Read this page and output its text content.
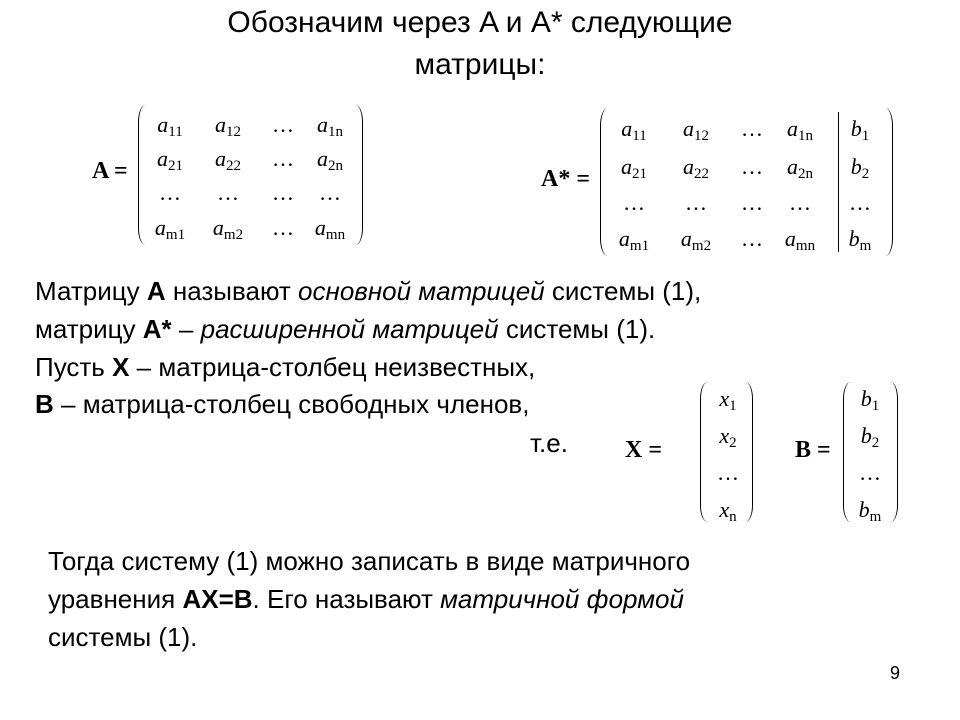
Обозначим через A и A* следующие
матрицы:
A =
$a_{11}$ $a_{12}$ … $a_{1n}$
$a_{21}$ $a_{22}$ … $a_{2n}$
… … … …
$a_{m1}$ $a_{m2}$ … $a_{mn}$
A* =
$a_{11}$ $a_{12}$ … $a_{1n}$ $b_1$
$a_{21}$ $a_{22}$ … $a_{2n}$ $b_2$
… … … … …
$a_{m1}$ $a_{m2}$ … $a_{mn}$ $b_m$
Матрицу A называют основной матрицей системы (1),
матрицу A* – расширенной матрицей системы (1).
Пусть X – матрица-столбец неизвестных,
B – матрица-столбец свободных членов,
т.е. X =
$x_1$
$x_2$
…
$x_n$
B =
$b_1$
$b_2$
…
$b_m$
Тогда систему (1) можно записать в виде матричного
уравнения AX=B. Его называют матричной формой
системы (1).
9
